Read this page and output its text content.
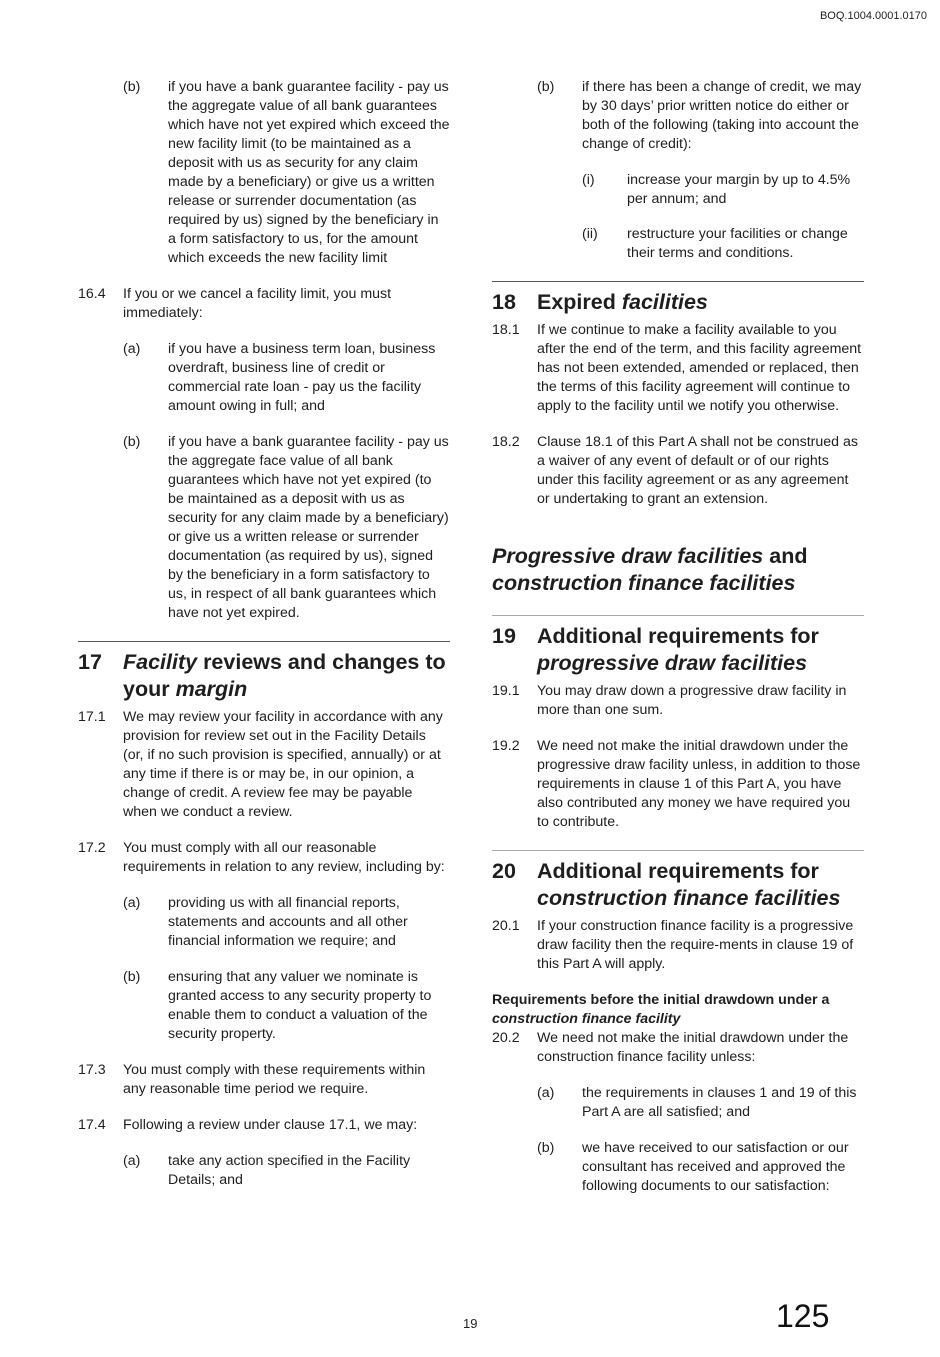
BOQ.1004.0001.0170
(b)	if you have a bank guarantee facility - pay us the aggregate value of all bank guarantees which have not yet expired which exceed the new facility limit (to be maintained as a deposit with us as security for any claim made by a beneficiary) or give us a written release or surrender documentation (as required by us) signed by the beneficiary in a form satisfactory to us, for the amount which exceeds the new facility limit
16.4	If you or we cancel a facility limit, you must immediately:
(a)	if you have a business term loan, business overdraft, business line of credit or commercial rate loan - pay us the facility amount owing in full; and
(b)	if you have a bank guarantee facility - pay us the aggregate face value of all bank guarantees which have not yet expired (to be maintained as a deposit with us as security for any claim made by a beneficiary) or give us a written release or surrender documentation (as required by us), signed by the beneficiary in a form satisfactory to us, in respect of all bank guarantees which have not yet expired.
17 Facility reviews and changes to your margin
17.1	We may review your facility in accordance with any provision for review set out in the Facility Details (or, if no such provision is specified, annually) or at any time if there is or may be, in our opinion, a change of credit. A review fee may be payable when we conduct a review.
17.2	You must comply with all our reasonable requirements in relation to any review, including by:
(a)	providing us with all financial reports, statements and accounts and all other financial information we require; and
(b)	ensuring that any valuer we nominate is granted access to any security property to enable them to conduct a valuation of the security property.
17.3	You must comply with these requirements within any reasonable time period we require.
17.4	Following a review under clause 17.1, we may:
(a)	take any action specified in the Facility Details; and
(b)	if there has been a change of credit, we may by 30 days’ prior written notice do either or both of the following (taking into account the change of credit):
(i)	increase your margin by up to 4.5% per annum; and
(ii)	restructure your facilities or change their terms and conditions.
18 Expired facilities
18.1	If we continue to make a facility available to you after the end of the term, and this facility agreement has not been extended, amended or replaced, then the terms of this facility agreement will continue to apply to the facility until we notify you otherwise.
18.2	Clause 18.1 of this Part A shall not be construed as a waiver of any event of default or of our rights under this facility agreement or as any agreement or undertaking to grant an extension.
Progressive draw facilities and construction finance facilities
19 Additional requirements for progressive draw facilities
19.1	You may draw down a progressive draw facility in more than one sum.
19.2	We need not make the initial drawdown under the progressive draw facility unless, in addition to those requirements in clause 1 of this Part A, you have also contributed any money we have required you to contribute.
20 Additional requirements for construction finance facilities
20.1	If your construction finance facility is a progressive draw facility then the require-ments in clause 19 of this Part A will apply.
Requirements before the initial drawdown under a construction finance facility
20.2	We need not make the initial drawdown under the construction finance facility unless:
(a)	the requirements in clauses 1 and 19 of this Part A are all satisfied; and
(b)	we have received to our satisfaction or our consultant has received and approved the following documents to our satisfaction:
19	125
